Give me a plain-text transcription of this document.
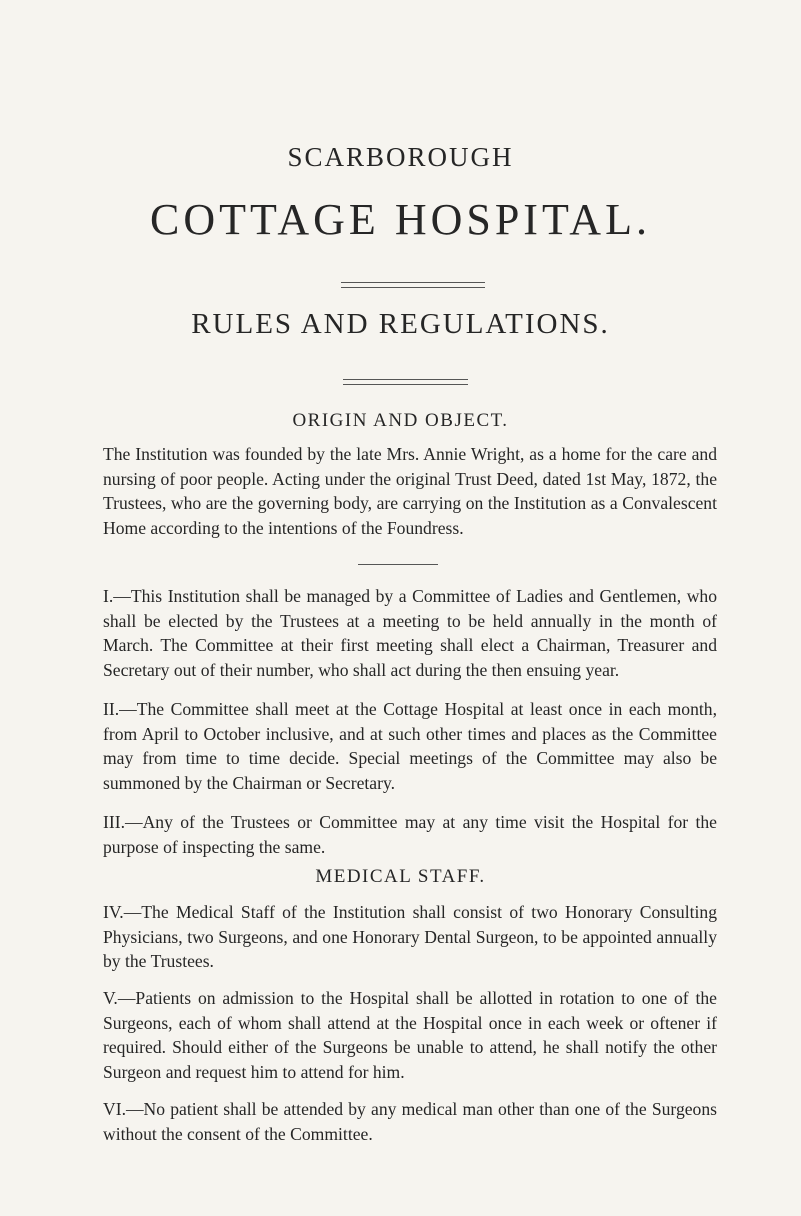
SCARBOROUGH
COTTAGE HOSPITAL.
RULES AND REGULATIONS.
ORIGIN AND OBJECT.

The Institution was founded by the late Mrs. Annie Wright, as a home for the care and nursing of poor people. Acting under the original Trust Deed, dated 1st May, 1872, the Trustees, who are the governing body, are carrying on the Institution as a Convalescent Home according to the intentions of the Foundress.

I.—This Institution shall be managed by a Committee of Ladies and Gentlemen, who shall be elected by the Trustees at a meeting to be held annually in the month of March. The Committee at their first meeting shall elect a Chairman, Treasurer and Secretary out of their number, who shall act during the then ensuing year.

II.—The Committee shall meet at the Cottage Hospital at least once in each month, from April to October inclusive, and at such other times and places as the Committee may from time to time decide. Special meetings of the Committee may also be summoned by the Chairman or Secretary.

III.—Any of the Trustees or Committee may at any time visit the Hospital for the purpose of inspecting the same.

MEDICAL STAFF.

IV.—The Medical Staff of the Institution shall consist of two Honorary Consulting Physicians, two Surgeons, and one Honorary Dental Surgeon, to be appointed annually by the Trustees.

V.—Patients on admission to the Hospital shall be allotted in rotation to one of the Surgeons, each of whom shall attend at the Hospital once in each week or oftener if required. Should either of the Surgeons be unable to attend, he shall notify the other Surgeon and request him to attend for him.

VI.—No patient shall be attended by any medical man other than one of the Surgeons without the consent of the Committee.
